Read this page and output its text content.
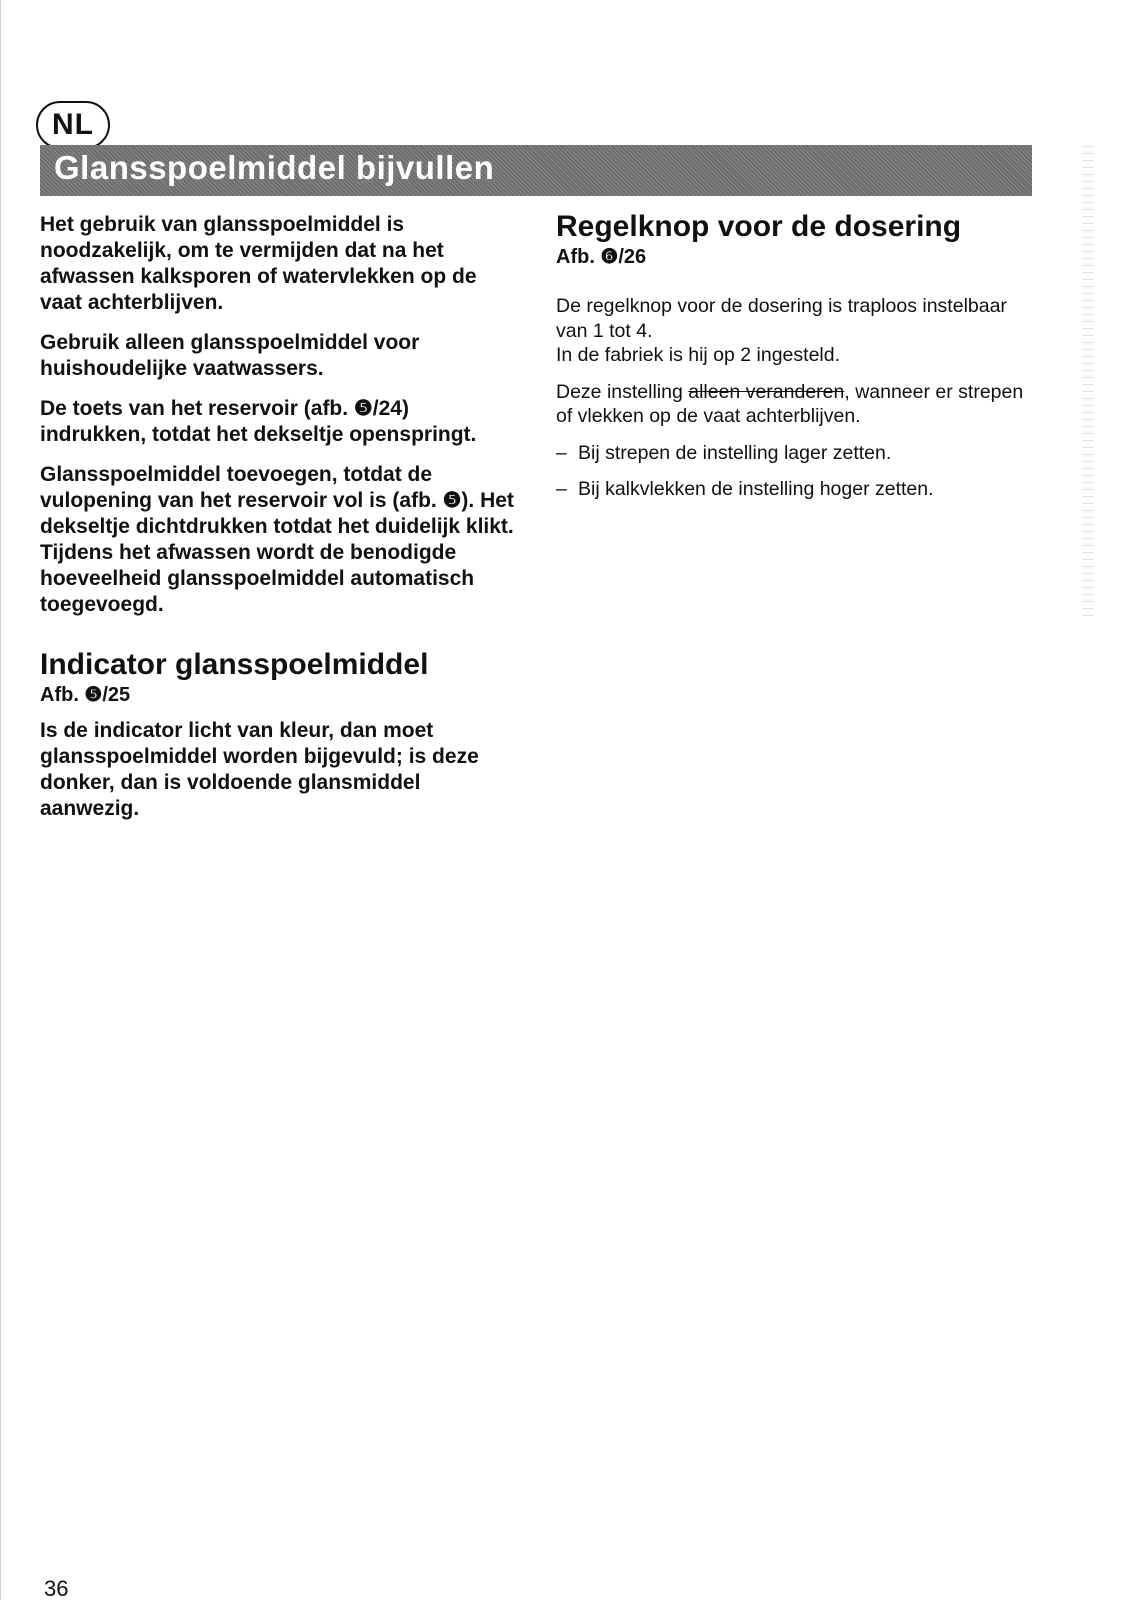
NL
Glansspoelmiddel bijvullen

Het gebruik van glansspoelmiddel is noodzakelijk, om te vermijden dat na het afwassen kalksporen of watervlekken op de vaat achterblijven.

Gebruik alleen glansspoelmiddel voor huishoudelijke vaatwassers.

De toets van het reservoir (afb. ❺/24) indrukken, totdat het dekseltje openspringt.

Glansspoelmiddel toevoegen, totdat de vulopening van het reservoir vol is (afb. ❺). Het dekseltje dichtdrukken totdat het duidelijk klikt. Tijdens het afwassen wordt de benodigde hoeveelheid glansspoelmiddel automatisch toegevoegd.

Indicator glansspoelmiddel
Afb. ❺/25

Is de indicator licht van kleur, dan moet glansspoelmiddel worden bijgevuld; is deze donker, dan is voldoende glansmiddel aanwezig.

Regelknop voor de dosering
Afb. ❻/26

De regelknop voor de dosering is traploos instelbaar van 1 tot 4.

In de fabriek is hij op 2 ingesteld.

Deze instelling alleen veranderen, wanneer er strepen of vlekken op de vaat achterblijven.

– Bij strepen de instelling lager zetten.
– Bij kalkvlekken de instelling hoger zetten.
36
